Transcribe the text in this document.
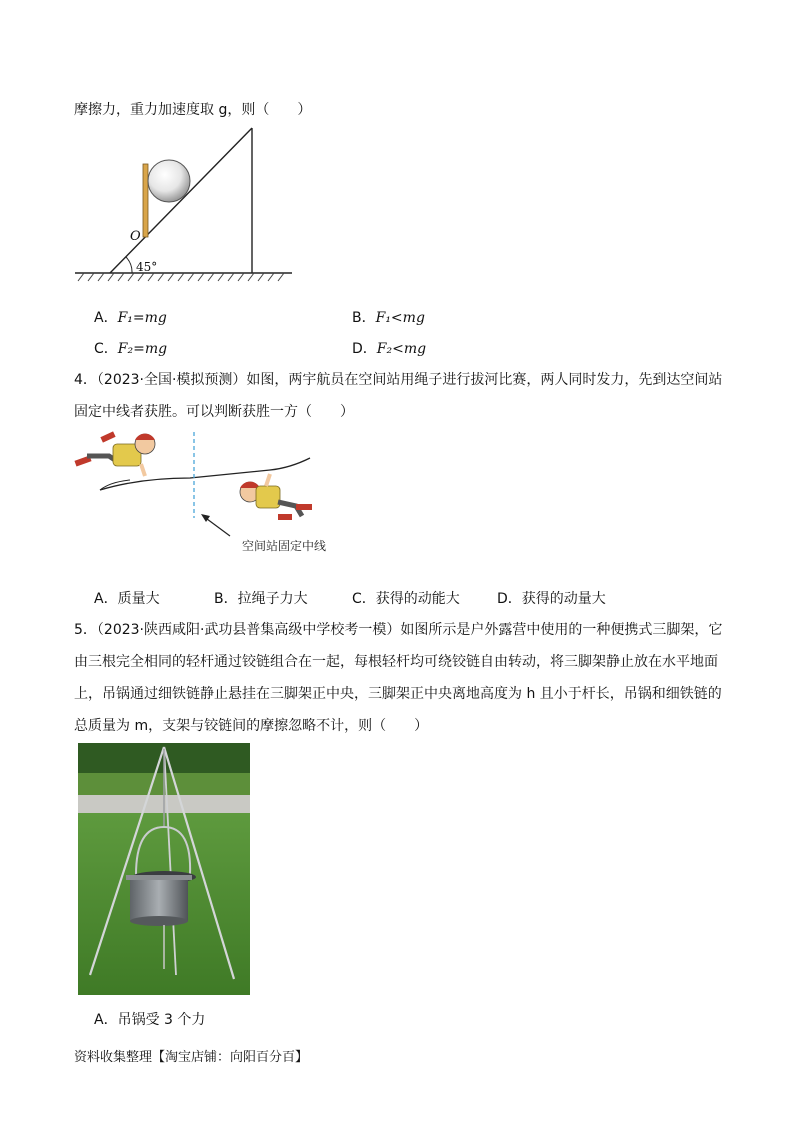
摩擦力，重力加速度取 g，则（　　）
O
45°
A．F₁=mg	B．F₁<mg
C．F₂=mg	D．F₂<mg
4．（2023·全国·模拟预测）如图，两宇航员在空间站用绳子进行拔河比赛，两人同时发力，先到达空间站
固定中线者获胜。可以判断获胜一方（　　）
空间站固定中线
A．质量大	B．拉绳子力大	C．获得的动能大	D．获得的动量大
5．（2023·陕西咸阳·武功县普集高级中学校考一模）如图所示是户外露营中使用的一种便携式三脚架，它
由三根完全相同的轻杆通过铰链组合在一起，每根轻杆均可绕铰链自由转动，将三脚架静止放在水平地面
上，吊锅通过细铁链静止悬挂在三脚架正中央，三脚架正中央离地高度为 h 且小于杆长，吊锅和细铁链的
总质量为 m，支架与铰链间的摩擦忽略不计，则（　　）
A．吊锅受 3 个力
资料收集整理【淘宝店铺：向阳百分百】
